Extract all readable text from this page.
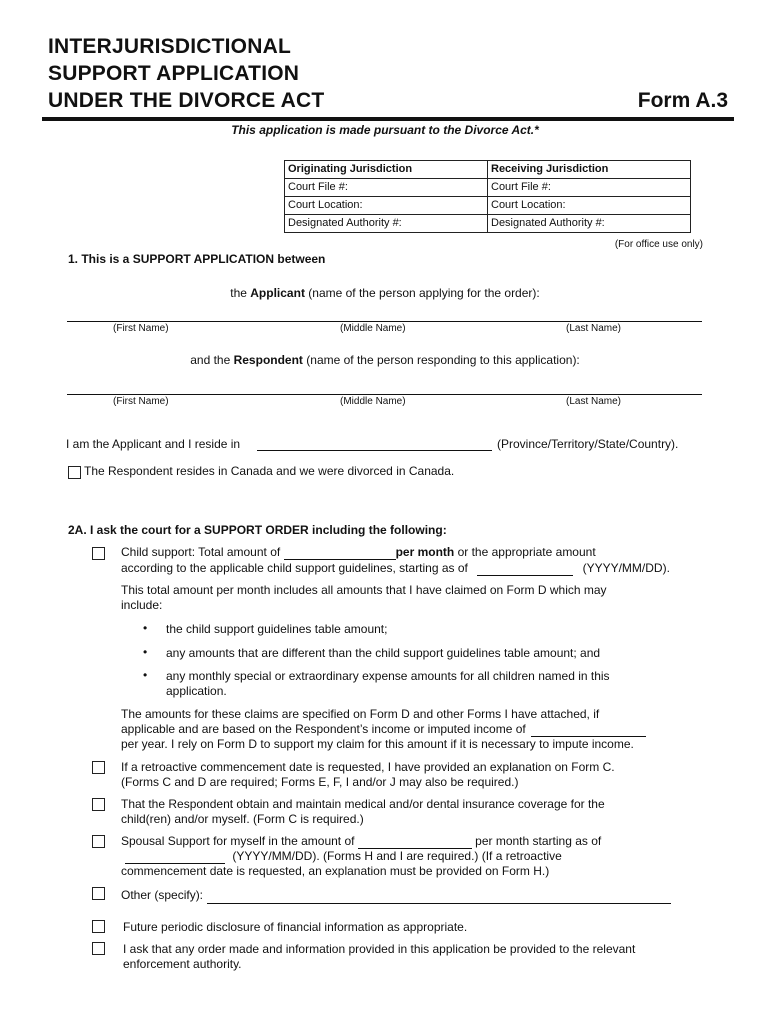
INTERJURISDICTIONAL
SUPPORT APPLICATION
UNDER THE DIVORCE ACT	Form A.3
This application is made pursuant to the Divorce Act.*
Originating Jurisdiction	Receiving Jurisdiction
Court File #:	Court File #:
Court Location:	Court Location:
Designated Authority #:	Designated Authority #:
(For office use only)
1. This is a SUPPORT APPLICATION between
the Applicant (name of the person applying for the order):
(First Name)	(Middle Name)	(Last Name)
and the Respondent (name of the person responding to this application):
(First Name)	(Middle Name)	(Last Name)
I am the Applicant and I reside in	(Province/Territory/State/Country).
The Respondent resides in Canada and we were divorced in Canada.
2A. I ask the court for a SUPPORT ORDER including the following:
Child support: Total amount of	per month or the appropriate amount
according to the applicable child support guidelines, starting as of	(YYYY/MM/DD).
This total amount per month includes all amounts that I have claimed on Form D which may
include:
• the child support guidelines table amount;
• any amounts that are different than the child support guidelines table amount; and
• any monthly special or extraordinary expense amounts for all children named in this
application.
The amounts for these claims are specified on Form D and other Forms I have attached, if
applicable and are based on the Respondent’s income or imputed income of
per year. I rely on Form D to support my claim for this amount if it is necessary to impute income.
If a retroactive commencement date is requested, I have provided an explanation on Form C.
(Forms C and D are required; Forms E, F, I and/or J may also be required.)
That the Respondent obtain and maintain medical and/or dental insurance coverage for the
child(ren) and/or myself. (Form C is required.)
Spousal Support for myself in the amount of	per month starting as of
(YYYY/MM/DD). (Forms H and I are required.) (If a retroactive
commencement date is requested, an explanation must be provided on Form H.)
Other (specify):
Future periodic disclosure of financial information as appropriate.
I ask that any order made and information provided in this application be provided to the relevant
enforcement authority.
